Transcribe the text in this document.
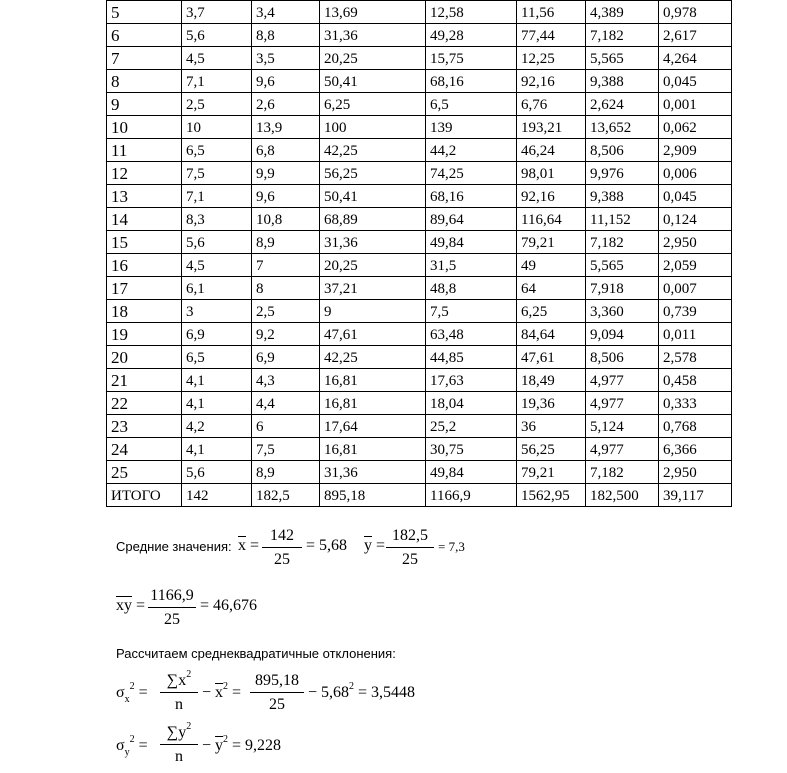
5	3,7	3,4	13,69	12,58	11,56	4,389	0,978
6	5,6	8,8	31,36	49,28	77,44	7,182	2,617
7	4,5	3,5	20,25	15,75	12,25	5,565	4,264
8	7,1	9,6	50,41	68,16	92,16	9,388	0,045
9	2,5	2,6	6,25	6,5	6,76	2,624	0,001
10	10	13,9	100	139	193,21	13,652	0,062
11	6,5	6,8	42,25	44,2	46,24	8,506	2,909
12	7,5	9,9	56,25	74,25	98,01	9,976	0,006
13	7,1	9,6	50,41	68,16	92,16	9,388	0,045
14	8,3	10,8	68,89	89,64	116,64	11,152	0,124
15	5,6	8,9	31,36	49,84	79,21	7,182	2,950
16	4,5	7	20,25	31,5	49	5,565	2,059
17	6,1	8	37,21	48,8	64	7,918	0,007
18	3	2,5	9	7,5	6,25	3,360	0,739
19	6,9	9,2	47,61	63,48	84,64	9,094	0,011
20	6,5	6,9	42,25	44,85	47,61	8,506	2,578
21	4,1	4,3	16,81	17,63	18,49	4,977	0,458
22	4,1	4,4	16,81	18,04	19,36	4,977	0,333
23	4,2	6	17,64	25,2	36	5,124	0,768
24	4,1	7,5	16,81	30,75	56,25	4,977	6,366
25	5,6	8,9	31,36	49,84	79,21	7,182	2,950
ИТОГО	142	182,5	895,18	1166,9	1562,95	182,500	39,117
Средние значения: $\overline{x} = \frac{142}{25} = 5,68$ $\overline{y} = \frac{182,5}{25} = 7,3$
$\overline{xy} = \frac{1166,9}{25} = 46,676$
Рассчитаем среднеквадратичные отклонения:
$\sigma_x^2 = \frac{\sum x^2}{n} - \overline{x}^2 = \frac{895,18}{25} - 5,68^2 = 3,5448$
$\sigma_y^2 = \frac{\sum y^2}{n} - \overline{y}^2 = 9,228$
